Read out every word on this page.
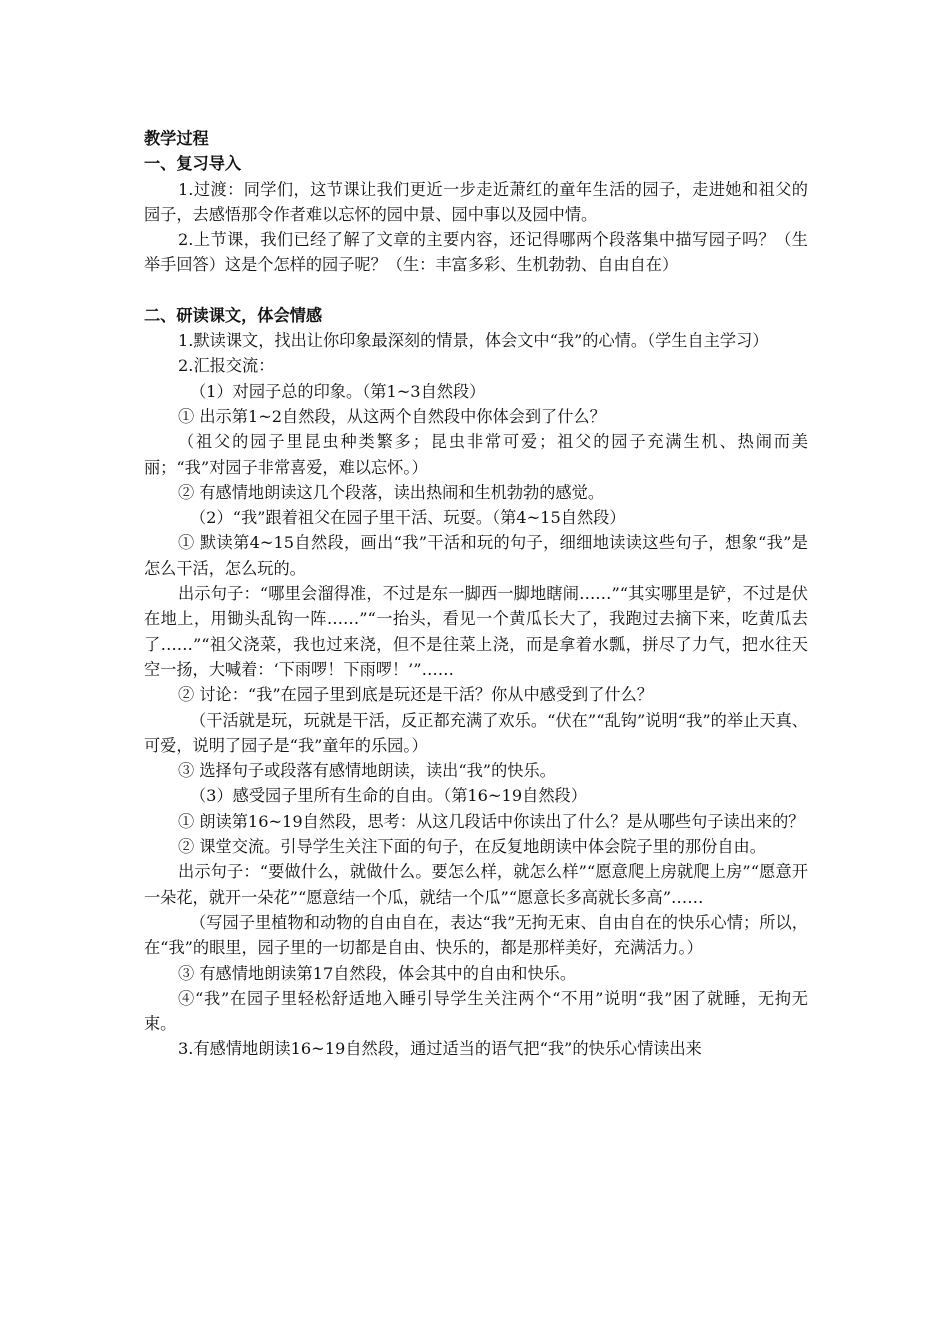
教学过程

一、复习导入

1.过渡：同学们，这节课让我们更近一步走近萧红的童年生活的园子，走进她和祖父的园子，去感悟那令作者难以忘怀的园中景、园中事以及园中情。

2.上节课，我们已经了解了文章的主要内容，还记得哪两个段落集中描写园子吗？（生举手回答）这是个怎样的园子呢？（生：丰富多彩、生机勃勃、自由自在）

二、研读课文，体会情感

1.默读课文，找出让你印象最深刻的情景，体会文中“我”的心情。（学生自主学习）

2.汇报交流：

（1）对园子总的印象。（第1~3自然段）

① 出示第1~2自然段，从这两个自然段中你体会到了什么？

（祖父的园子里昆虫种类繁多；昆虫非常可爱；祖父的园子充满生机、热闹而美丽；“我”对园子非常喜爱，难以忘怀。）

② 有感情地朗读这几个段落，读出热闹和生机勃勃的感觉。

（2）“我”跟着祖父在园子里干活、玩耍。（第4~15自然段）

① 默读第4~15自然段，画出“我”干活和玩的句子，细细地读读这些句子，想象“我”是怎么干活，怎么玩的。

出示句子：“哪里会溜得准，不过是东一脚西一脚地瞎闹……”“其实哪里是铲，不过是伏在地上，用锄头乱钩一阵……”“一抬头，看见一个黄瓜长大了，我跑过去摘下来，吃黄瓜去了……”“祖父浇菜，我也过来浇，但不是往菜上浇，而是拿着水瓢，拼尽了力气，把水往天空一扬，大喊着：‘下雨啰！下雨啰！’”……

② 讨论：“我”在园子里到底是玩还是干活？你从中感受到了什么？

（干活就是玩，玩就是干活，反正都充满了欢乐。“伏在”“乱钩”说明“我”的举止天真、可爱，说明了园子是“我”童年的乐园。）

③ 选择句子或段落有感情地朗读，读出“我”的快乐。

（3）感受园子里所有生命的自由。（第16~19自然段）

① 朗读第16~19自然段，思考：从这几段话中你读出了什么？是从哪些句子读出来的？

② 课堂交流。引导学生关注下面的句子，在反复地朗读中体会院子里的那份自由。

出示句子：“要做什么，就做什么。要怎么样，就怎么样”“愿意爬上房就爬上房”“愿意开一朵花，就开一朵花”“愿意结一个瓜，就结一个瓜”“愿意长多高就长多高”……

（写园子里植物和动物的自由自在，表达“我”无拘无束、自由自在的快乐心情；所以，在“我”的眼里，园子里的一切都是自由、快乐的，都是那样美好，充满活力。）

③ 有感情地朗读第17自然段，体会其中的自由和快乐。

④“我”在园子里轻松舒适地入睡引导学生关注两个“不用”说明“我”困了就睡，无拘无束。

3.有感情地朗读16~19自然段，通过适当的语气把“我”的快乐心情读出来
